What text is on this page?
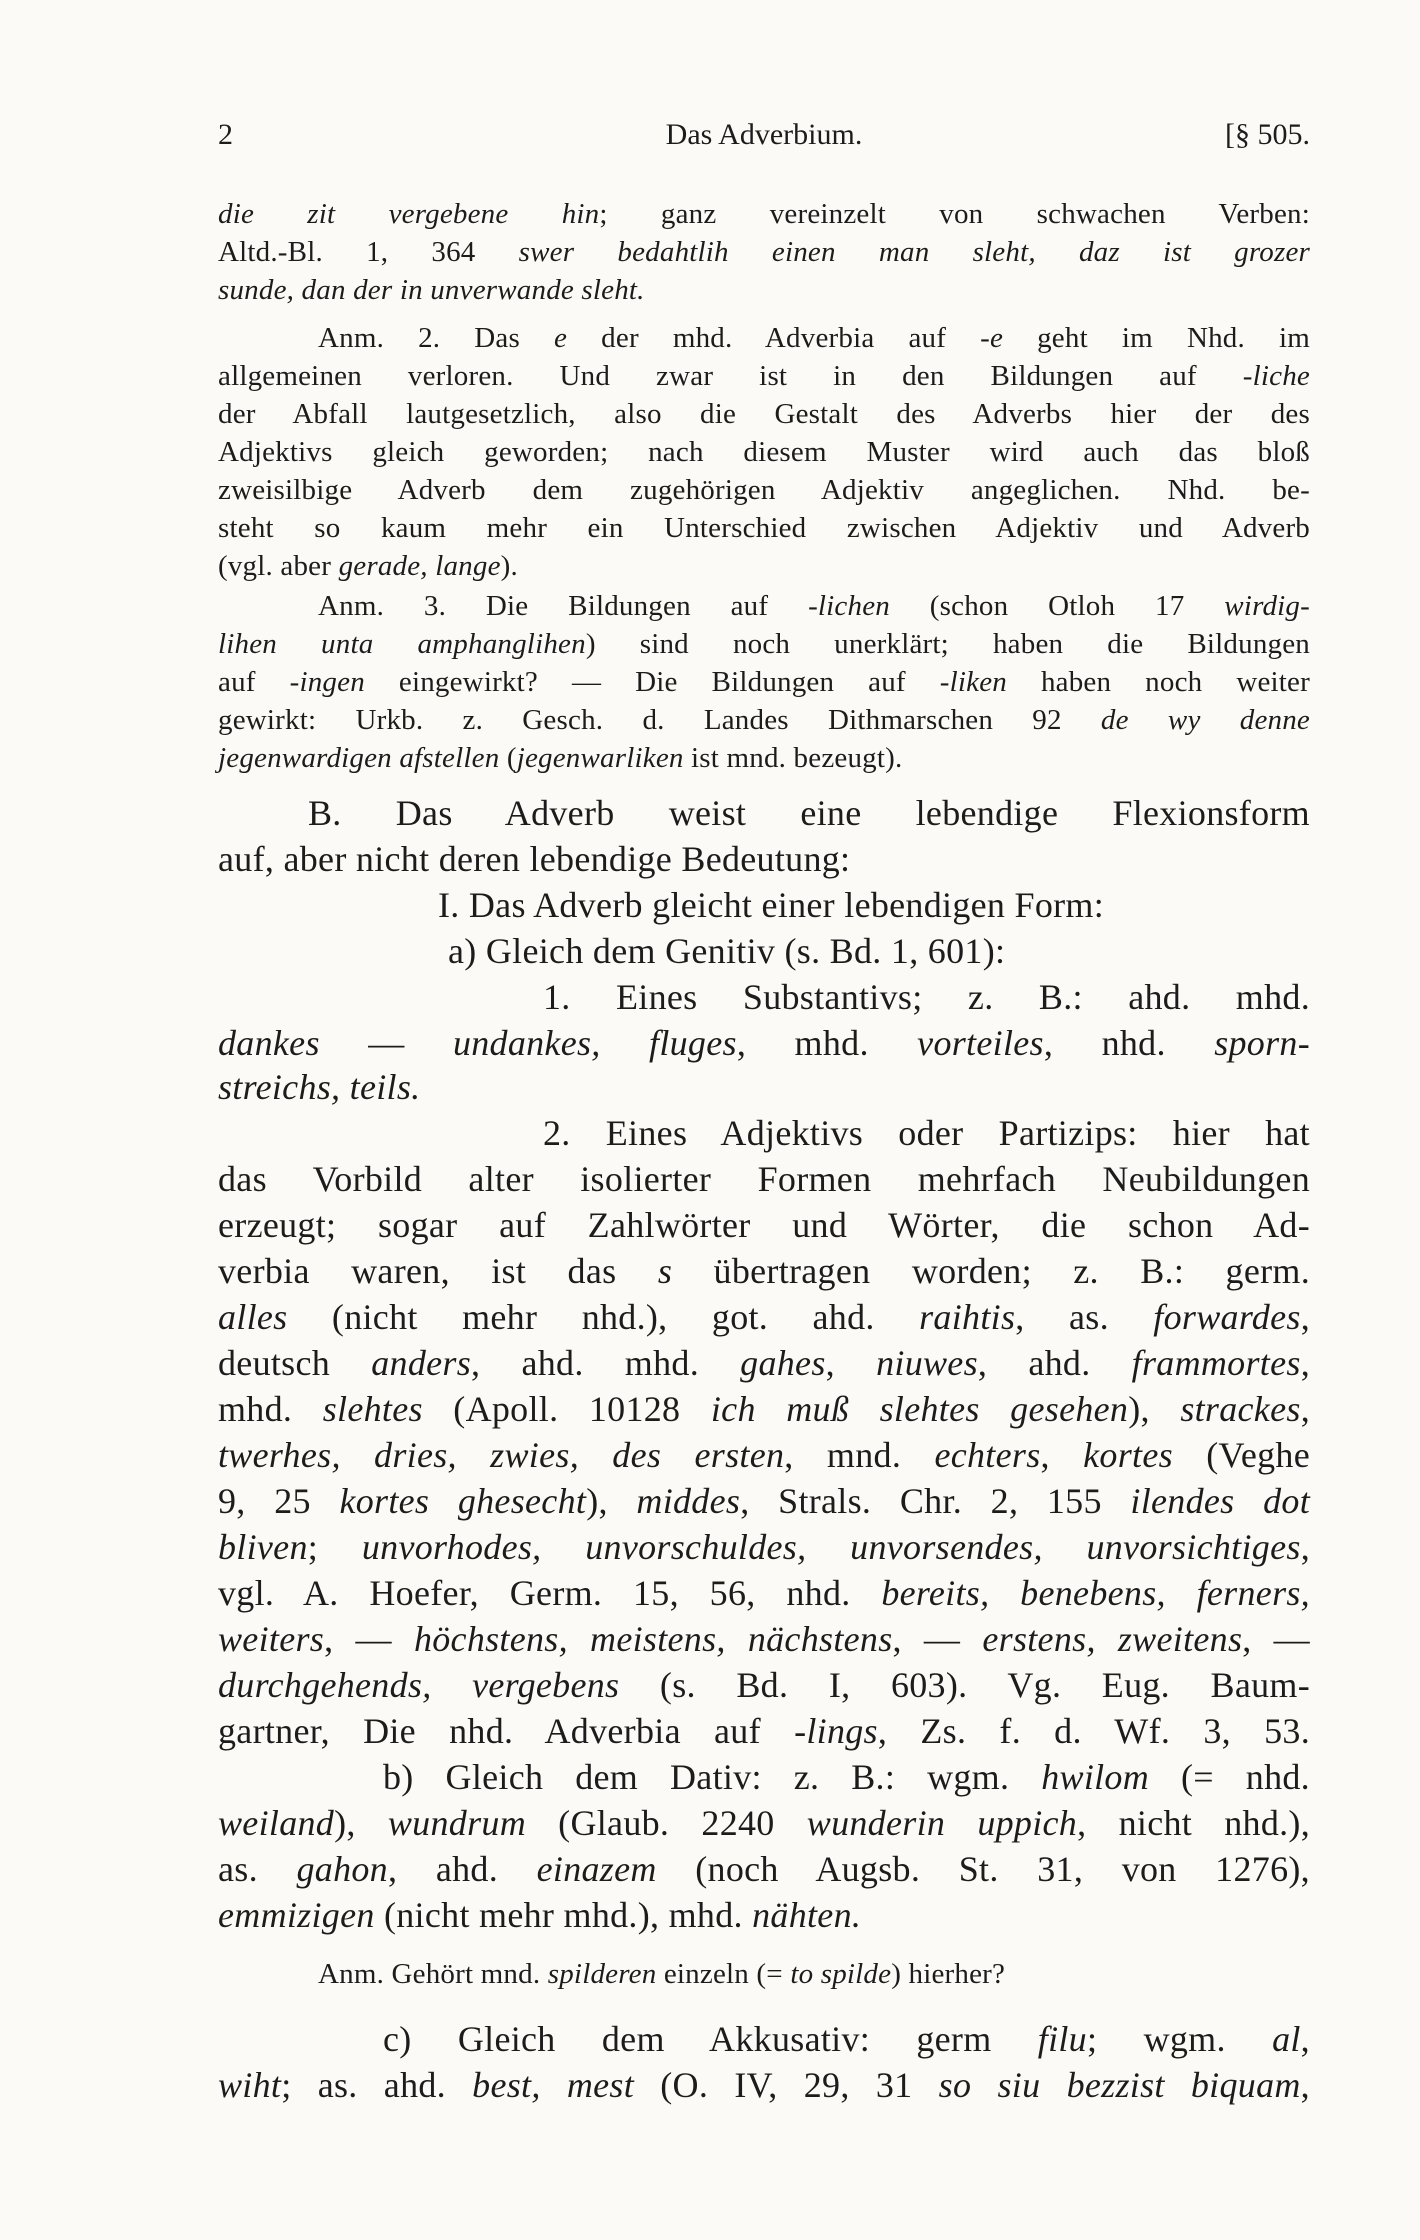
2	Das Adverbium.	[§ 505.
die zit vergebene hin; ganz vereinzelt von schwachen Verben:
Altd.-Bl. 1, 364 swer bedahtlih einen man sleht, daz ist grozer
sunde, dan der in unverwande sleht.
Anm. 2. Das e der mhd. Adverbia auf -e geht im Nhd. im
allgemeinen verloren. Und zwar ist in den Bildungen auf -liche
der Abfall lautgesetzlich, also die Gestalt des Adverbs hier der des
Adjektivs gleich geworden; nach diesem Muster wird auch das bloß
zweisilbige Adverb dem zugehörigen Adjektiv angeglichen. Nhd. be-
steht so kaum mehr ein Unterschied zwischen Adjektiv und Adverb
(vgl. aber gerade, lange).
Anm. 3. Die Bildungen auf -lichen (schon Otloh 17 wirdig-
lihen unta amphanglihen) sind noch unerklärt; haben die Bildungen
auf -ingen eingewirkt? — Die Bildungen auf -liken haben noch weiter
gewirkt: Urkb. z. Gesch. d. Landes Dithmarschen 92 de wy denne
jegenwardigen afstellen (jegenwarliken ist mnd. bezeugt).
B. Das Adverb weist eine lebendige Flexionsform
auf, aber nicht deren lebendige Bedeutung:
I. Das Adverb gleicht einer lebendigen Form:
a) Gleich dem Genitiv (s. Bd. 1, 601):
1. Eines Substantivs; z. B.: ahd. mhd.
dankes — undankes, fluges, mhd. vorteiles, nhd. sporn-
streichs, teils.
2. Eines Adjektivs oder Partizips: hier hat
das Vorbild alter isolierter Formen mehrfach Neubildungen
erzeugt; sogar auf Zahlwörter und Wörter, die schon Ad-
verbia waren, ist das s übertragen worden; z. B.: germ.
alles (nicht mehr nhd.), got. ahd. raihtis, as. forwardes,
deutsch anders, ahd. mhd. gahes, niuwes, ahd. frammortes,
mhd. slehtes (Apoll. 10128 ich muß slehtes gesehen), strackes,
twerhes, dries, zwies, des ersten, mnd. echters, kortes (Veghe
9, 25 kortes ghesecht), middes, Strals. Chr. 2, 155 ilendes dot
bliven; unvorhodes, unvorschuldes, unvorsendes, unvorsichtiges,
vgl. A. Hoefer, Germ. 15, 56, nhd. bereits, benebens, ferners,
weiters, — höchstens, meistens, nächstens, — erstens, zweitens, —
durchgehends, vergebens (s. Bd. I, 603). Vg. Eug. Baum-
gartner, Die nhd. Adverbia auf -lings, Zs. f. d. Wf. 3, 53.
b) Gleich dem Dativ: z. B.: wgm. hwilom (= nhd.
weiland), wundrum (Glaub. 2240 wunderin uppich, nicht nhd.),
as. gahon, ahd. einazem (noch Augsb. St. 31, von 1276),
emmizigen (nicht mehr mhd.), mhd. nähten.
Anm. Gehört mnd. spilderen einzeln (= to spilde) hierher?
c) Gleich dem Akkusativ: germ filu; wgm. al,
wiht; as. ahd. best, mest (O. IV, 29, 31 so siu bezzist biquam,
